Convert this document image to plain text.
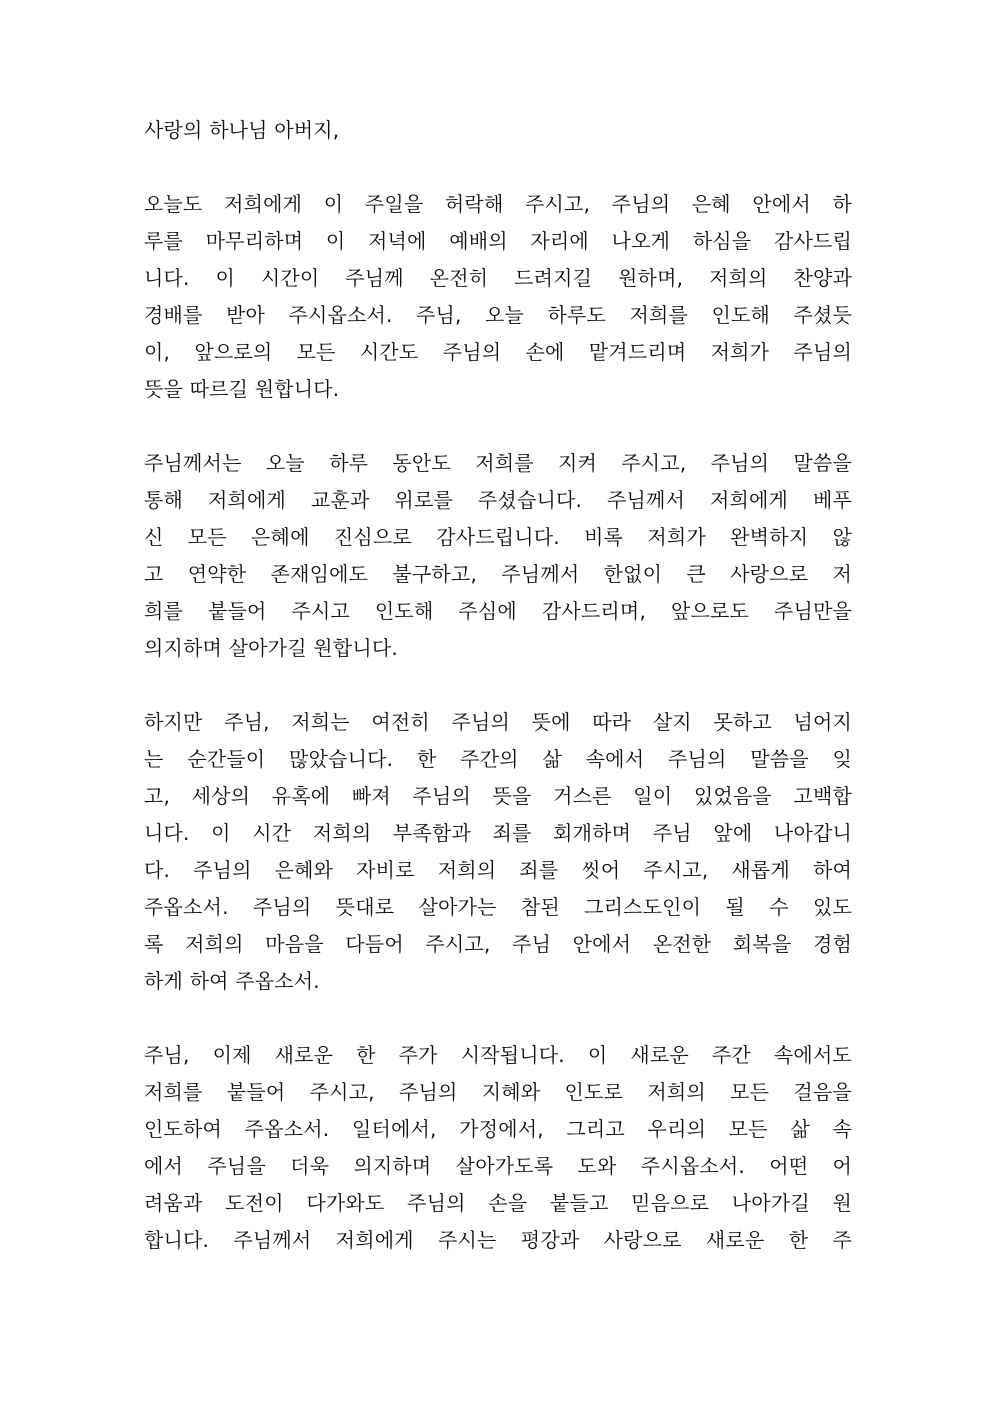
사랑의 하나님 아버지,
오늘도 저희에게 이 주일을 허락해 주시고, 주님의 은혜 안에서 하
루를 마무리하며 이 저녁에 예배의 자리에 나오게 하심을 감사드립
니다. 이 시간이 주님께 온전히 드려지길 원하며, 저희의 찬양과
경배를 받아 주시옵소서. 주님, 오늘 하루도 저희를 인도해 주셨듯
이, 앞으로의 모든 시간도 주님의 손에 맡겨드리며 저희가 주님의
뜻을 따르길 원합니다.
주님께서는 오늘 하루 동안도 저희를 지켜 주시고, 주님의 말씀을
통해 저희에게 교훈과 위로를 주셨습니다. 주님께서 저희에게 베푸
신 모든 은혜에 진심으로 감사드립니다. 비록 저희가 완벽하지 않
고 연약한 존재임에도 불구하고, 주님께서 한없이 큰 사랑으로 저
희를 붙들어 주시고 인도해 주심에 감사드리며, 앞으로도 주님만을
의지하며 살아가길 원합니다.
하지만 주님, 저희는 여전히 주님의 뜻에 따라 살지 못하고 넘어지
는 순간들이 많았습니다. 한 주간의 삶 속에서 주님의 말씀을 잊
고, 세상의 유혹에 빠져 주님의 뜻을 거스른 일이 있었음을 고백합
니다. 이 시간 저희의 부족함과 죄를 회개하며 주님 앞에 나아갑니
다. 주님의 은혜와 자비로 저희의 죄를 씻어 주시고, 새롭게 하여
주옵소서. 주님의 뜻대로 살아가는 참된 그리스도인이 될 수 있도
록 저희의 마음을 다듬어 주시고, 주님 안에서 온전한 회복을 경험
하게 하여 주옵소서.
주님, 이제 새로운 한 주가 시작됩니다. 이 새로운 주간 속에서도
저희를 붙들어 주시고, 주님의 지혜와 인도로 저희의 모든 걸음을
인도하여 주옵소서. 일터에서, 가정에서, 그리고 우리의 모든 삶 속
에서 주님을 더욱 의지하며 살아가도록 도와 주시옵소서. 어떤 어
려움과 도전이 다가와도 주님의 손을 붙들고 믿음으로 나아가길 원
합니다. 주님께서 저희에게 주시는 평강과 사랑으로 새로운 한 주
